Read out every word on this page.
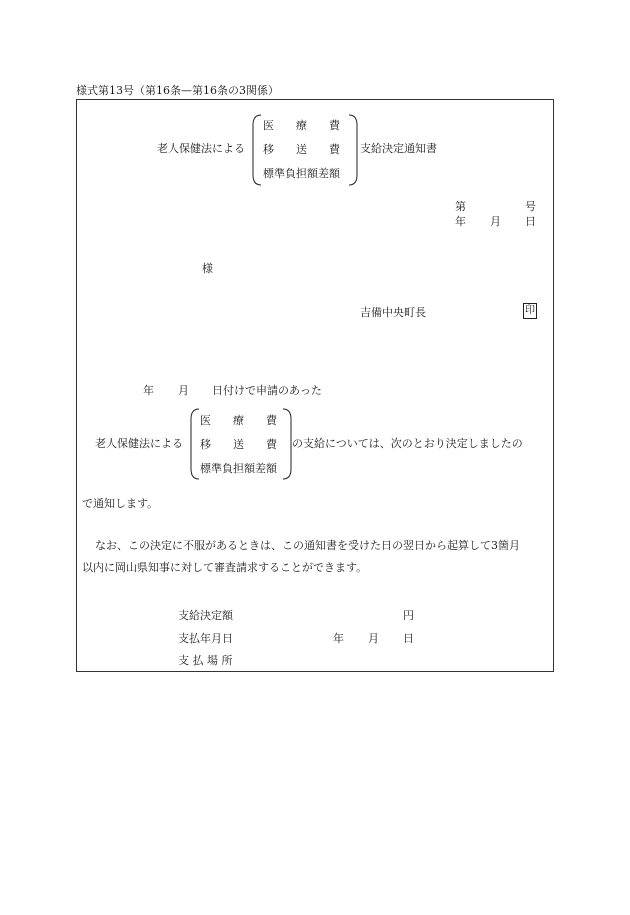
様式第13号（第16条—第16条の3関係）
老人保健法による
医　　療　　費
移　　送　　費
標準負担額差額
支給決定通知書
第	号
年 月 日
様
吉備中央町長	印
年 月 日付けで申請のあった
老人保健法による
医　　療　　費
移　　送　　費
標準負担額差額
の支給については、次のとおり決定しましたの
で通知します。
なお、この決定に不服があるときは、この通知書を受けた日の翌日から起算して3箇月
以内に岡山県知事に対して審査請求することができます。
支給決定額	円
支払年月日	年 月 日
支 払 場 所
